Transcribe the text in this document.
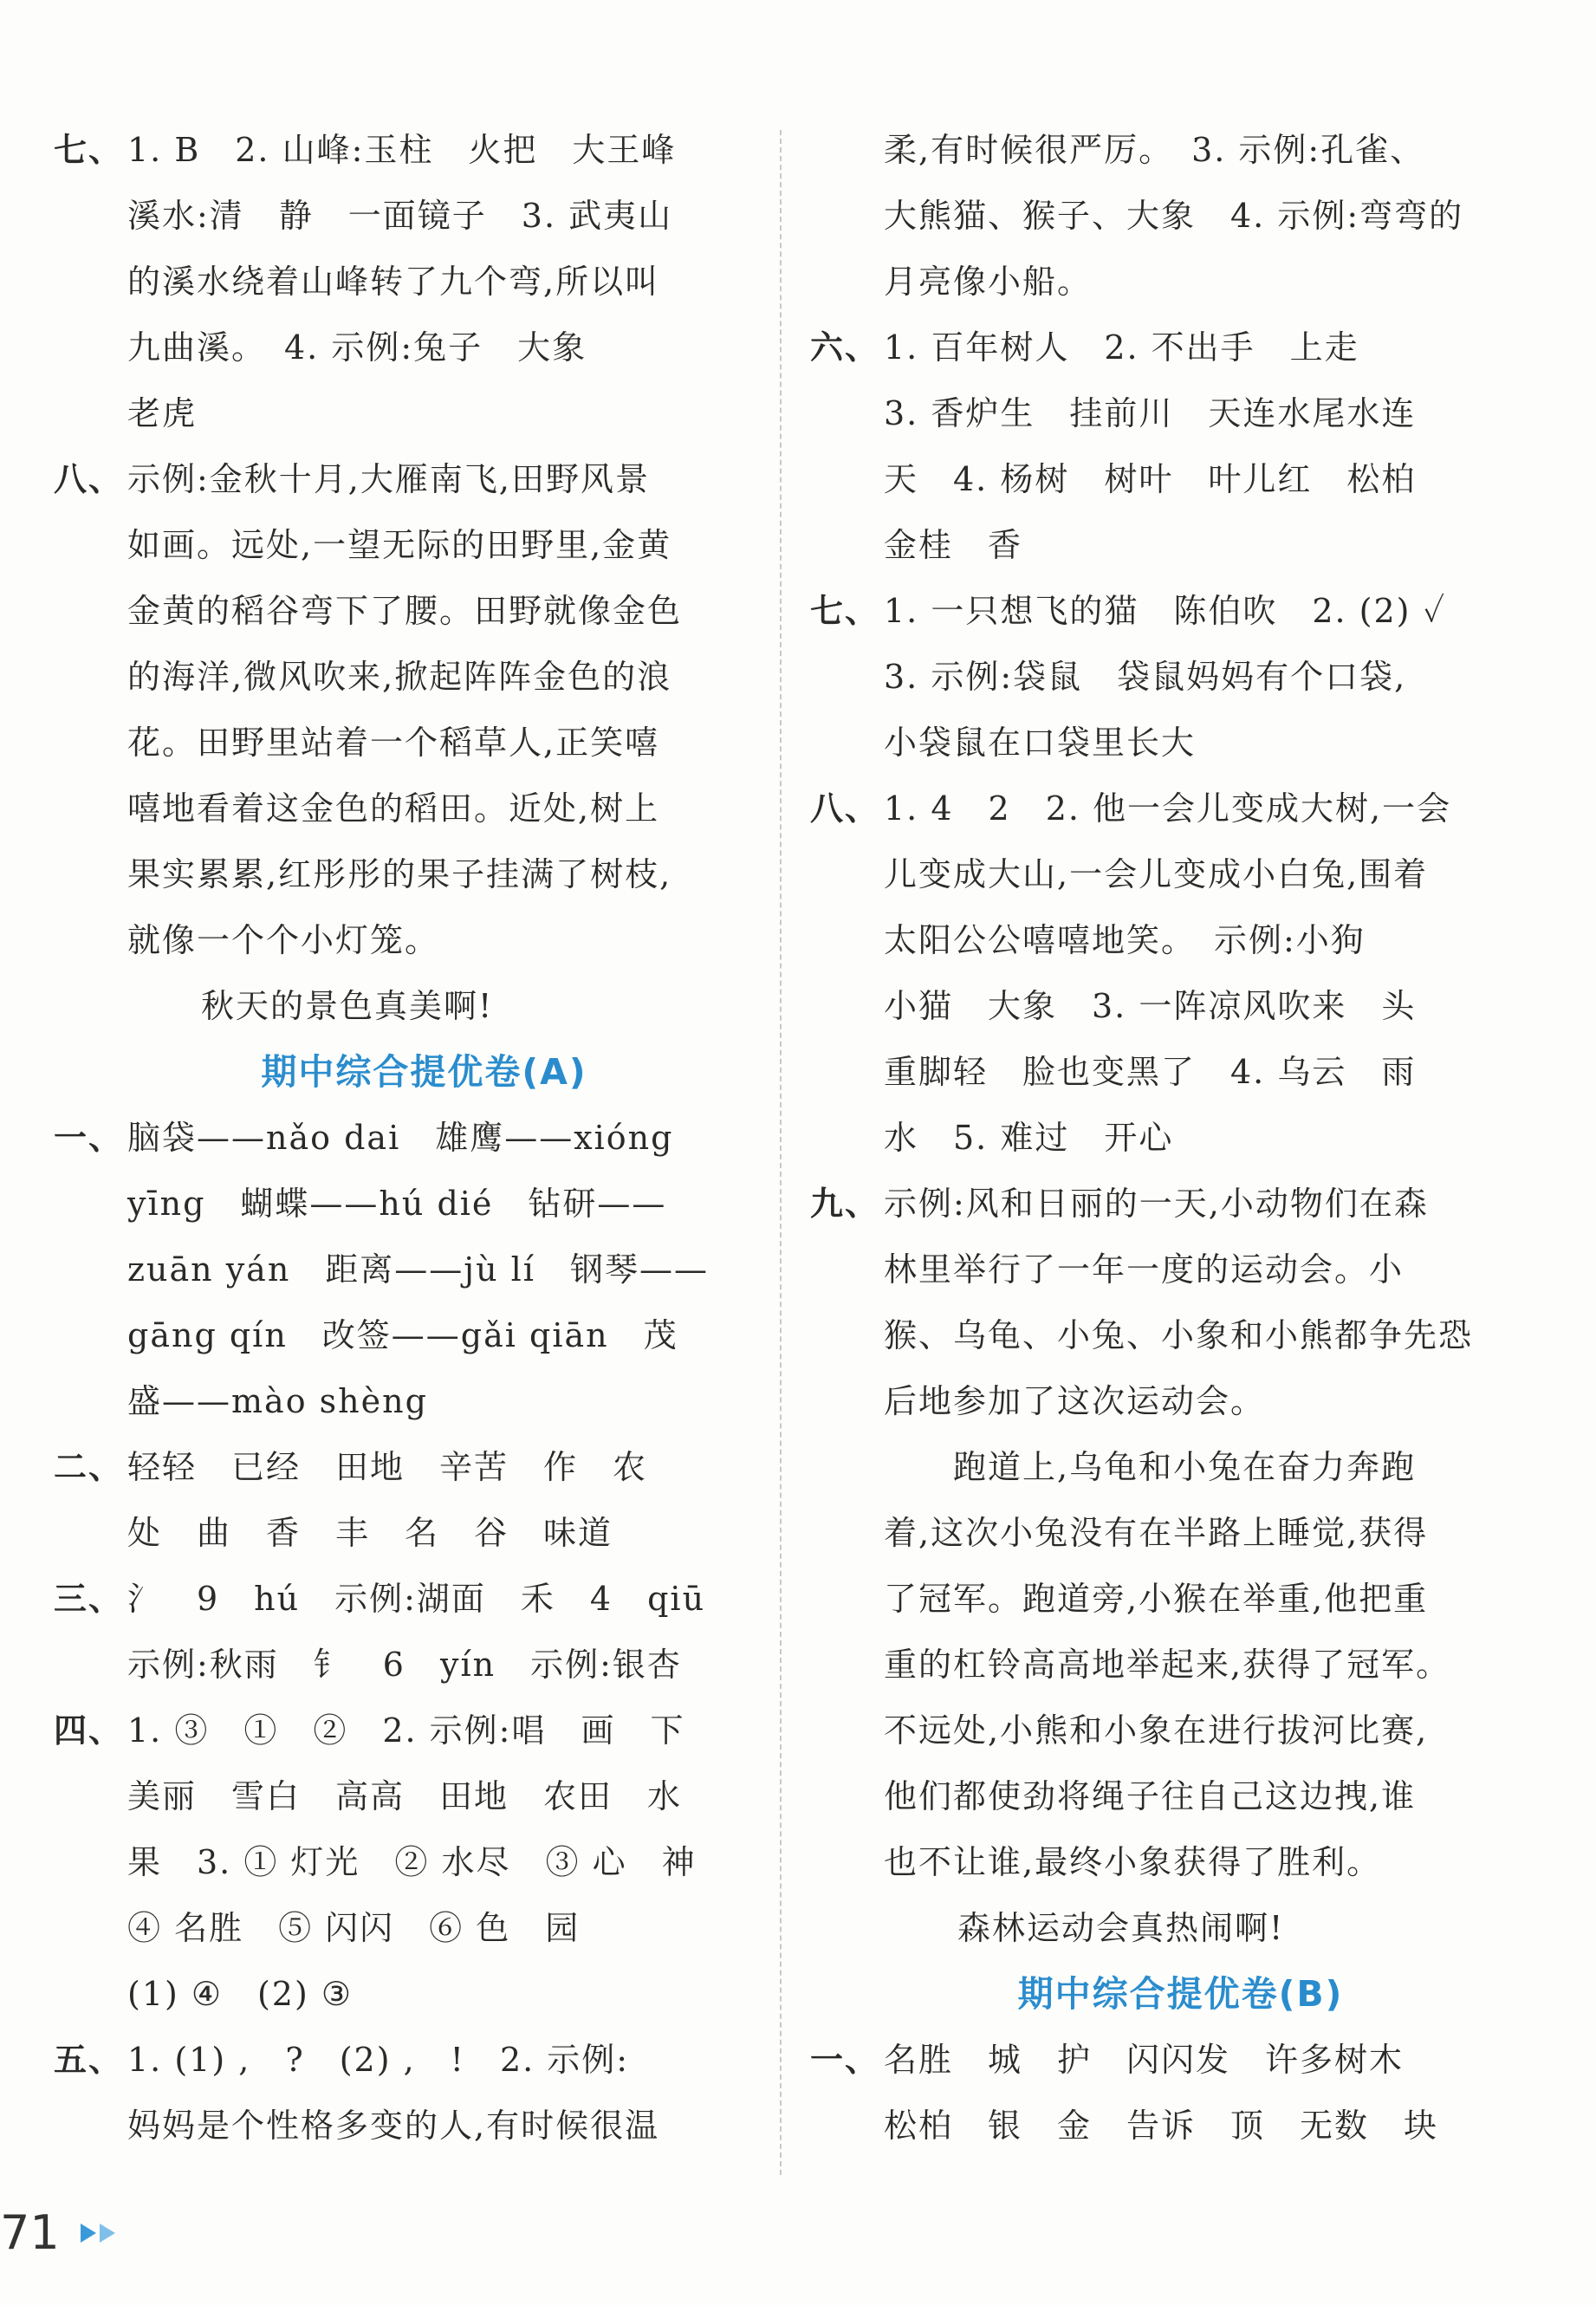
七、 1. B　2. 山峰:玉柱　火把　大王峰
溪水:清　静　一面镜子　3. 武夷山
的溪水绕着山峰转了九个弯,所以叫
九曲溪。　4. 示例:兔子　大象
老虎
八、 示例:金秋十月,大雁南飞,田野风景
如画。远处,一望无际的田野里,金黄
金黄的稻谷弯下了腰。田野就像金色
的海洋,微风吹来,掀起阵阵金色的浪
花。田野里站着一个稻草人,正笑嘻
嘻地看着这金色的稻田。近处,树上
果实累累,红彤彤的果子挂满了树枝,
就像一个个小灯笼。
秋天的景色真美啊!
期中综合提优卷(A)
一、 脑袋——nǎo dai　雄鹰——xióng
yīng　蝴蝶——hú dié　钻研——
zuān yán　距离——jù lí　钢琴——
gāng qín　改签——gǎi qiān　茂
盛——mào shèng
二、 轻轻　已经　田地　辛苦　作　农
处　曲　香　丰　名　谷　味道
三、 氵　9　hú　示例:湖面　禾　4　qiū
示例:秋雨　钅　6　yín　示例:银杏
四、 1. ③　①　②　2. 示例:唱　画　下
美丽　雪白　高高　田地　农田　水
果　3. ① 灯光　② 水尽　③ 心　神
④ 名胜　⑤ 闪闪　⑥ 色　园
(1) ④　(2) ③
五、 1. (1) ,　?　(2) ,　!　2. 示例:
妈妈是个性格多变的人,有时候很温
柔,有时候很严厉。　3. 示例:孔雀、
大熊猫、猴子、大象　4. 示例:弯弯的
月亮像小船。
六、 1. 百年树人　2. 不出手　上走
3. 香炉生　挂前川　天连水尾水连
天　4. 杨树　树叶　叶儿红　松柏
金桂　香
七、 1. 一只想飞的猫　陈伯吹　2. (2) ✓
3. 示例:袋鼠　袋鼠妈妈有个口袋,
小袋鼠在口袋里长大
八、 1. 4　2　2. 他一会儿变成大树,一会
儿变成大山,一会儿变成小白兔,围着
太阳公公嘻嘻地笑。　示例:小狗
小猫　大象　3. 一阵凉风吹来　头
重脚轻　脸也变黑了　4. 乌云　雨
水　5. 难过　开心
九、 示例:风和日丽的一天,小动物们在森
林里举行了一年一度的运动会。小
猴、乌龟、小兔、小象和小熊都争先恐
后地参加了这次运动会。
　　跑道上,乌龟和小兔在奋力奔跑
着,这次小兔没有在半路上睡觉,获得
了冠军。跑道旁,小猴在举重,他把重
重的杠铃高高地举起来,获得了冠军。
不远处,小熊和小象在进行拔河比赛,
他们都使劲将绳子往自己这边拽,谁
也不让谁,最终小象获得了胜利。
森林运动会真热闹啊!
期中综合提优卷(B)
一、 名胜　城　护　闪闪发　许多树木
松柏　银　金　告诉　顶　无数　块
71
